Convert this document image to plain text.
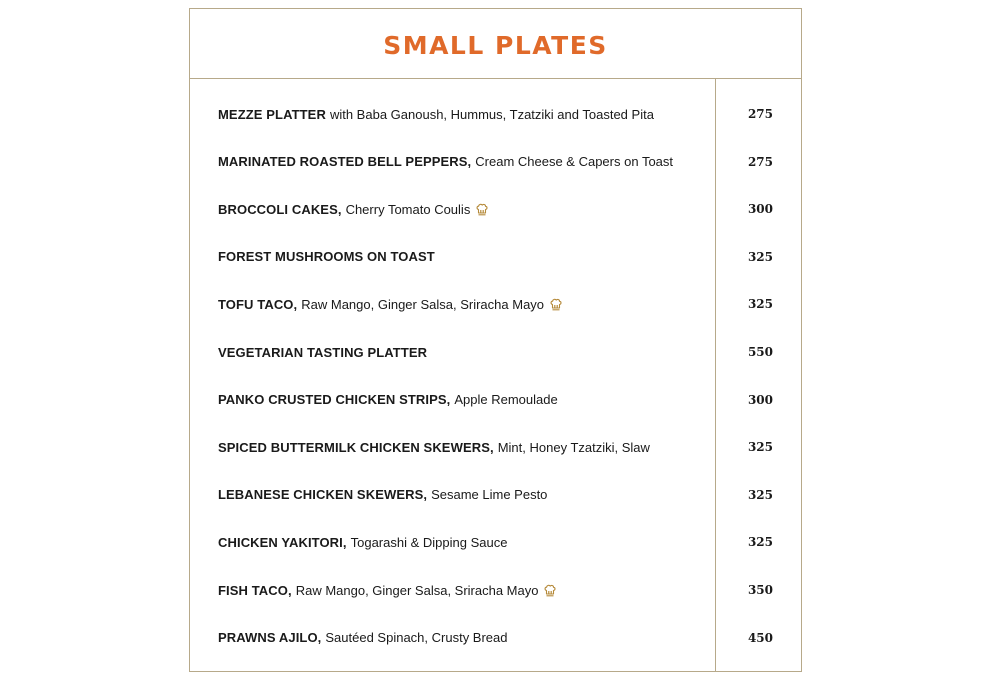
SMALL PLATES
MEZZE PLATTER with Baba Ganoush, Hummus, Tzatziki and Toasted Pita	275
MARINATED ROASTED BELL PEPPERS, Cream Cheese & Capers on Toast	275
BROCCOLI CAKES, Cherry Tomato Coulis	300
FOREST MUSHROOMS ON TOAST	325
TOFU TACO, Raw Mango, Ginger Salsa, Sriracha Mayo	325
VEGETARIAN TASTING PLATTER	550
PANKO CRUSTED CHICKEN STRIPS, Apple Remoulade	300
SPICED BUTTERMILK CHICKEN SKEWERS, Mint, Honey Tzatziki, Slaw	325
LEBANESE CHICKEN SKEWERS, Sesame Lime Pesto	325
CHICKEN YAKITORI, Togarashi & Dipping Sauce	325
FISH TACO, Raw Mango, Ginger Salsa, Sriracha Mayo	350
PRAWNS AJILO, Sautéed Spinach, Crusty Bread	450
